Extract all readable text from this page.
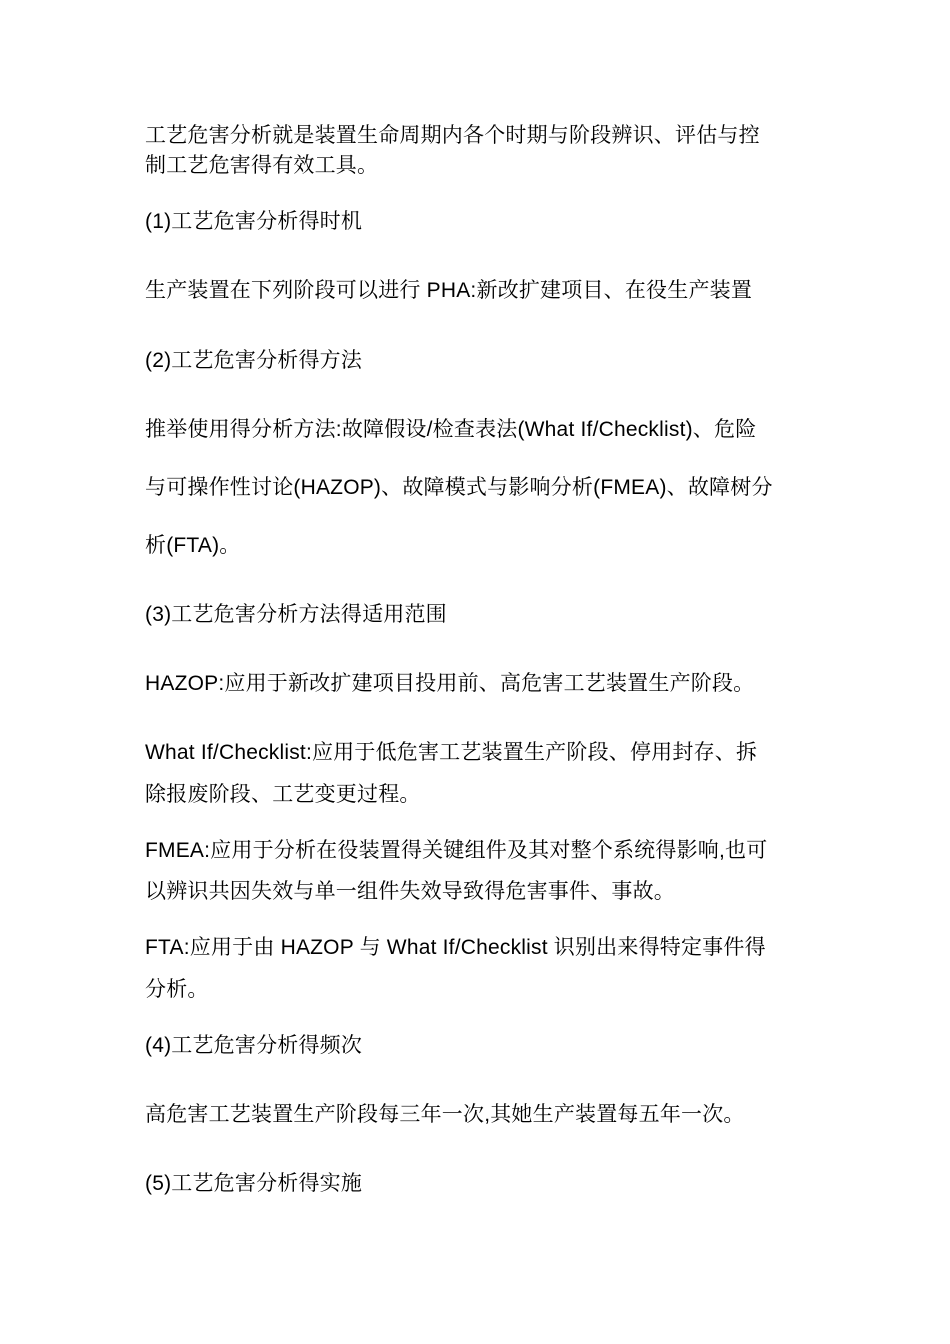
工艺危害分析就是装置生命周期内各个时期与阶段辨识、评估与控
制工艺危害得有效工具。
(1)工艺危害分析得时机
生产装置在下列阶段可以进行 PHA:新改扩建项目、在役生产装置
(2)工艺危害分析得方法
推举使用得分析方法:故障假设/检查表法(What If/Checklist)、危险
与可操作性讨论(HAZOP)、故障模式与影响分析(FMEA)、故障树分
析(FTA)。
(3)工艺危害分析方法得适用范围
HAZOP:应用于新改扩建项目投用前、高危害工艺装置生产阶段。
What If/Checklist:应用于低危害工艺装置生产阶段、停用封存、拆
除报废阶段、工艺变更过程。
FMEA:应用于分析在役装置得关键组件及其对整个系统得影响,也可
以辨识共因失效与单一组件失效导致得危害事件、事故。
FTA:应用于由 HAZOP 与 What If/Checklist 识别出来得特定事件得
分析。
(4)工艺危害分析得频次
高危害工艺装置生产阶段每三年一次,其她生产装置每五年一次。
(5)工艺危害分析得实施
